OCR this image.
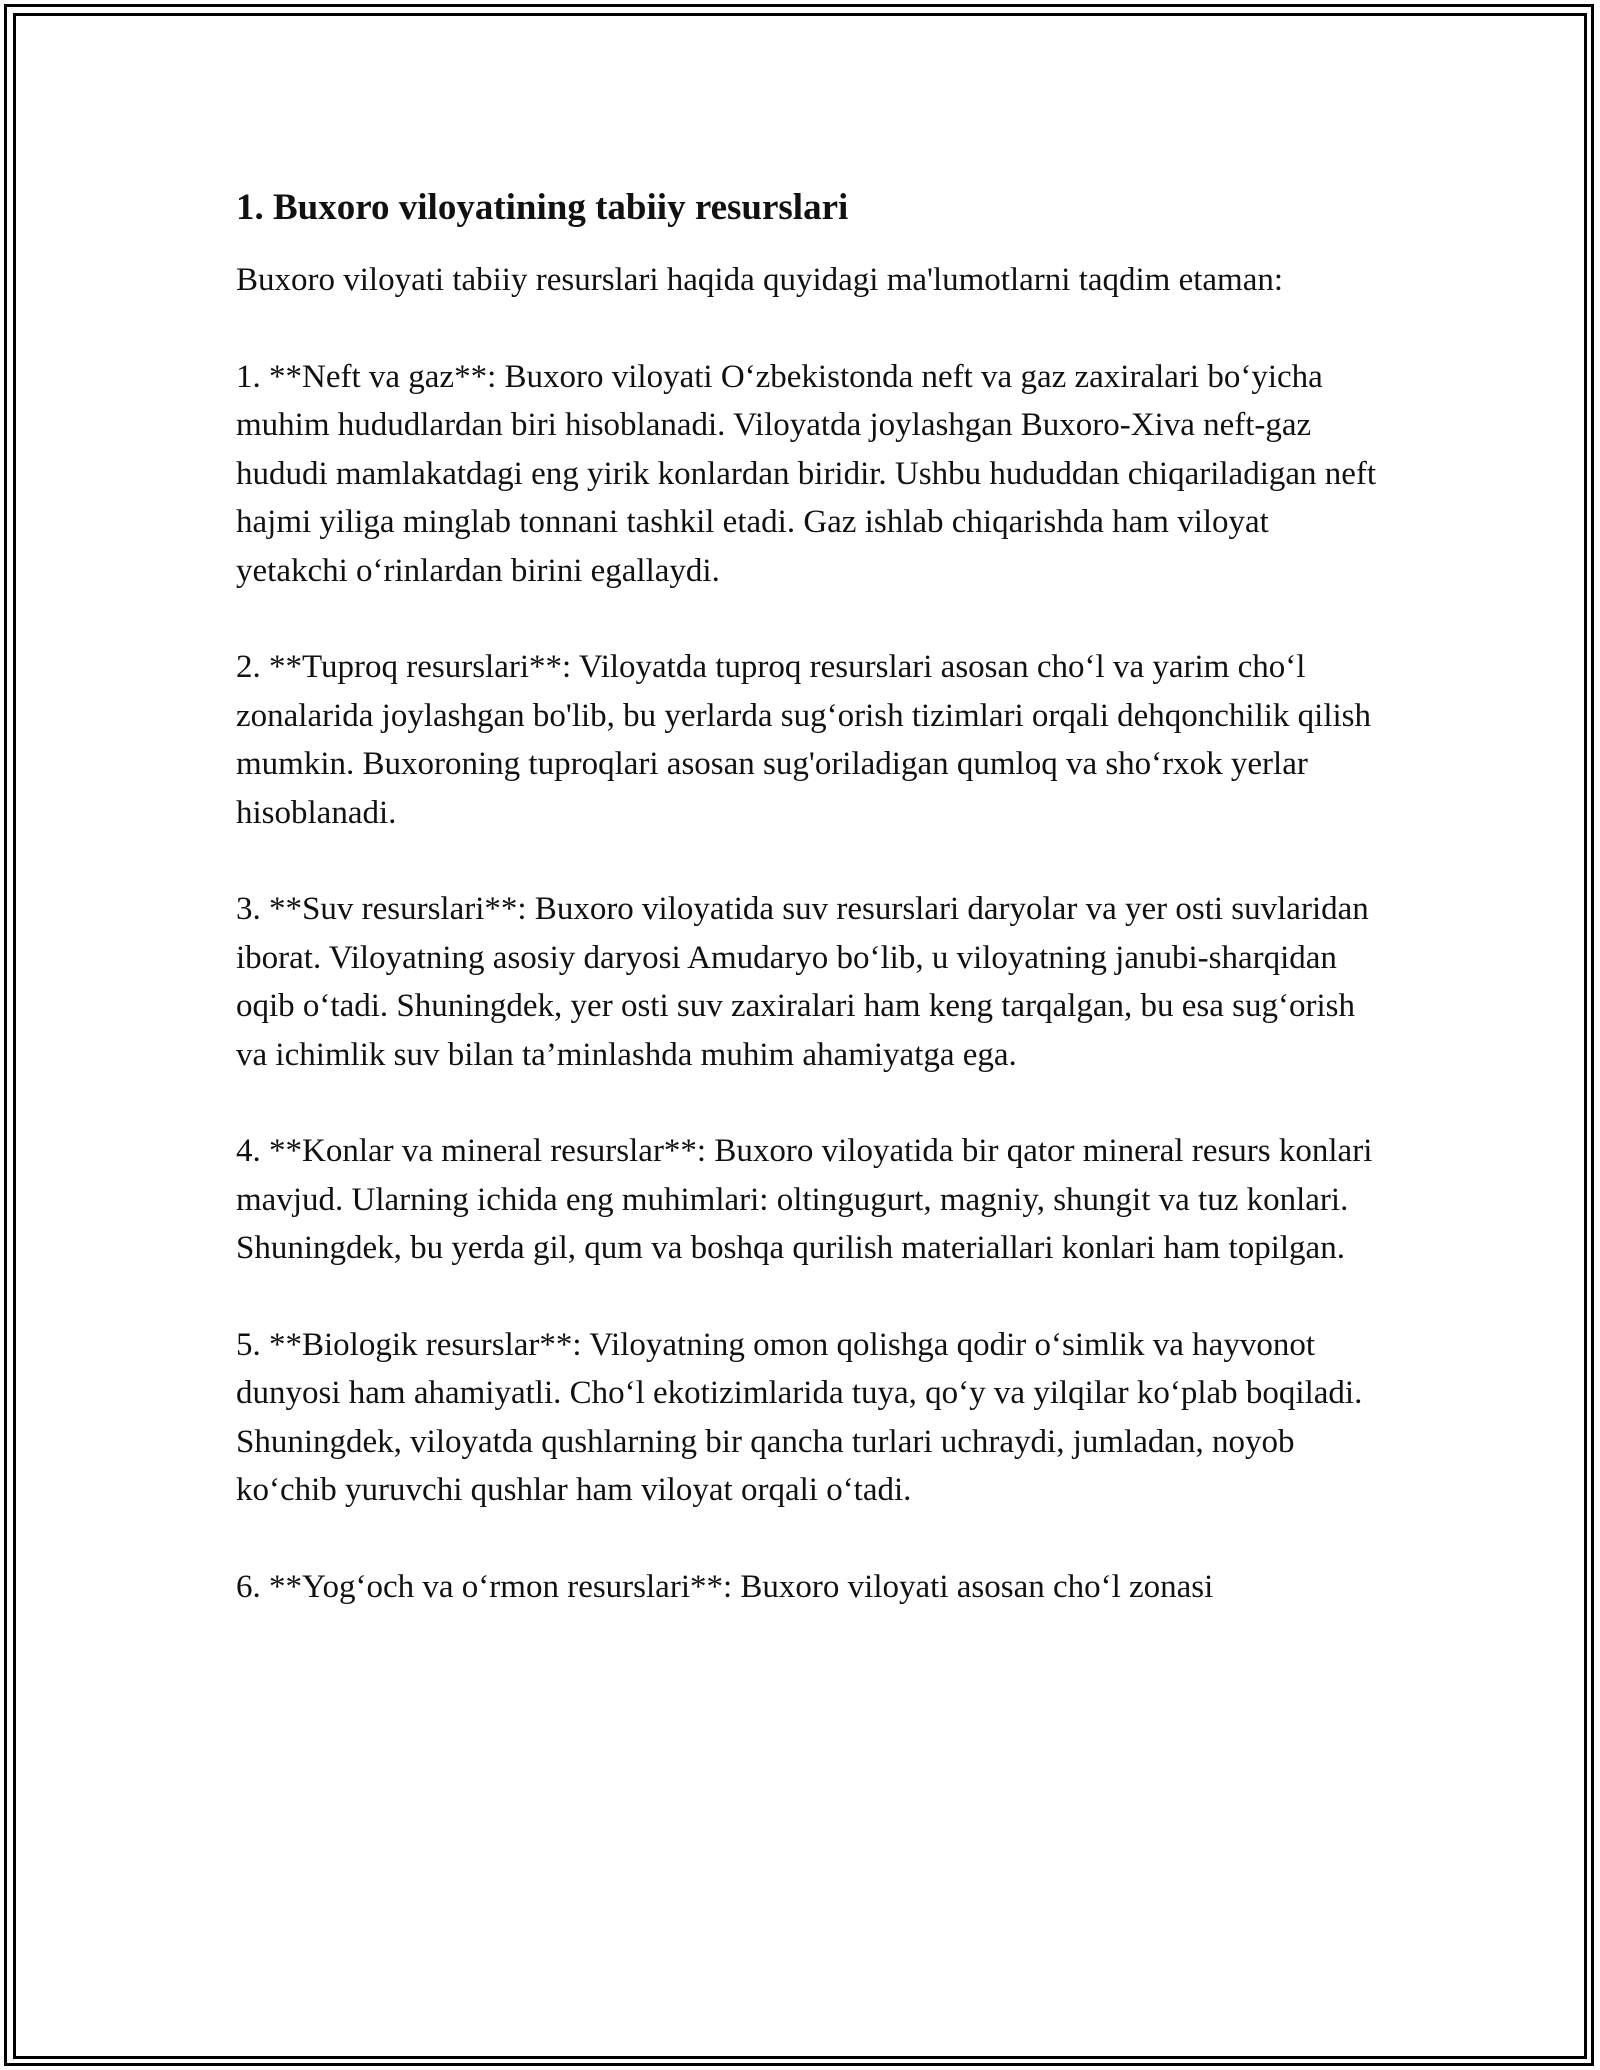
1. Buxoro viloyatining tabiiy resurslari

Buxoro viloyati tabiiy resurslari haqida quyidagi ma'lumotlarni taqdim etaman:

1. **Neft va gaz**: Buxoro viloyati O‘zbekistonda neft va gaz zaxiralari bo‘yicha muhim hududlardan biri hisoblanadi. Viloyatda joylashgan Buxoro-Xiva neft-gaz hududi mamlakatdagi eng yirik konlardan biridir. Ushbu hududdan chiqariladigan neft hajmi yiliga minglab tonnani tashkil etadi. Gaz ishlab chiqarishda ham viloyat yetakchi o‘rinlardan birini egallaydi.

2. **Tuproq resurslari**: Viloyatda tuproq resurslari asosan cho‘l va yarim cho‘l zonalarida joylashgan bo'lib, bu yerlarda sug‘orish tizimlari orqali dehqonchilik qilish mumkin. Buxoroning tuproqlari asosan sug'oriladigan qumloq va sho‘rxok yerlar hisoblanadi.

3. **Suv resurslari**: Buxoro viloyatida suv resurslari daryolar va yer osti suvlaridan iborat. Viloyatning asosiy daryosi Amudaryo bo‘lib, u viloyatning janubi-sharqidan oqib o‘tadi. Shuningdek, yer osti suv zaxiralari ham keng tarqalgan, bu esa sug‘orish va ichimlik suv bilan ta’minlashda muhim ahamiyatga ega.

4. **Konlar va mineral resurslar**: Buxoro viloyatida bir qator mineral resurs konlari mavjud. Ularning ichida eng muhimlari: oltingugurt, magniy, shungit va tuz konlari. Shuningdek, bu yerda gil, qum va boshqa qurilish materiallari konlari ham topilgan.

5. **Biologik resurslar**: Viloyatning omon qolishga qodir o‘simlik va hayvonot dunyosi ham ahamiyatli. Cho‘l ekotizimlarida tuya, qo‘y va yilqilar ko‘plab boqiladi. Shuningdek, viloyatda qushlarning bir qancha turlari uchraydi, jumladan, noyob ko‘chib yuruvchi qushlar ham viloyat orqali o‘tadi.

6. **Yog‘och va o‘rmon resurslari**: Buxoro viloyati asosan cho‘l zonasi
